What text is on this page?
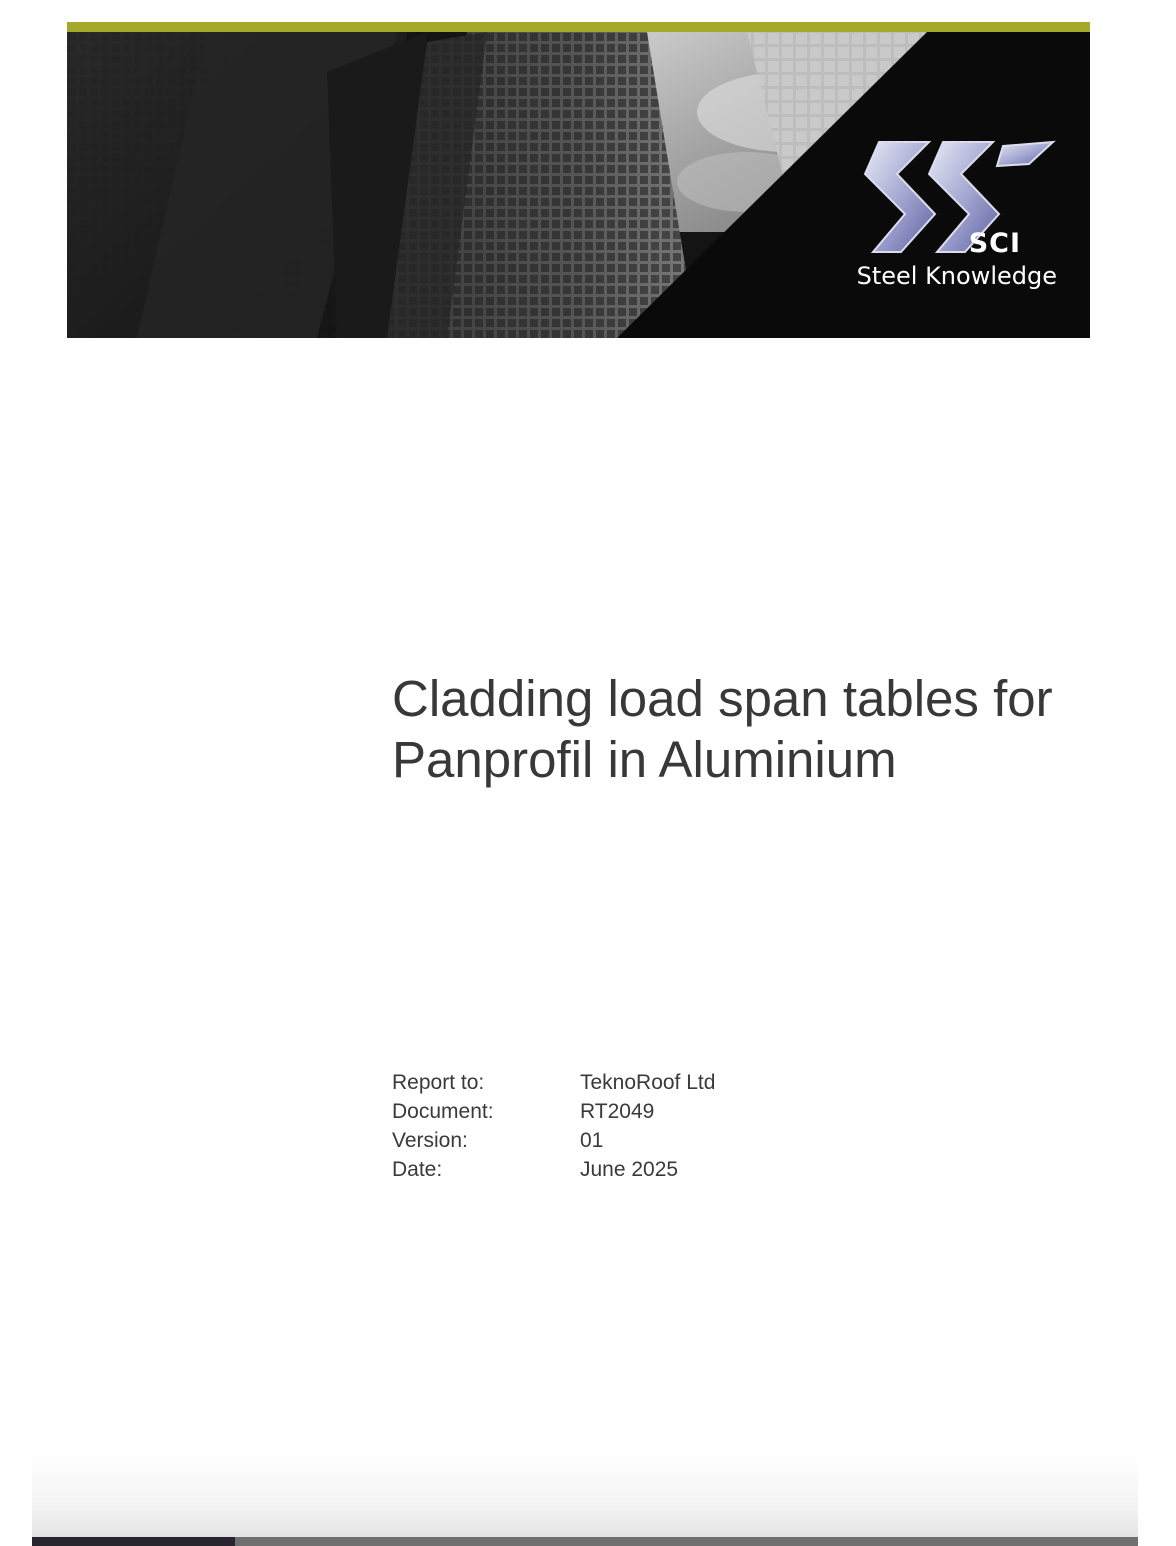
SCI
Steel Knowledge
Cladding load span tables for
Panprofil in Aluminium
Report to:	TeknoRoof Ltd
Document:	RT2049
Version:	01
Date:	June 2025
